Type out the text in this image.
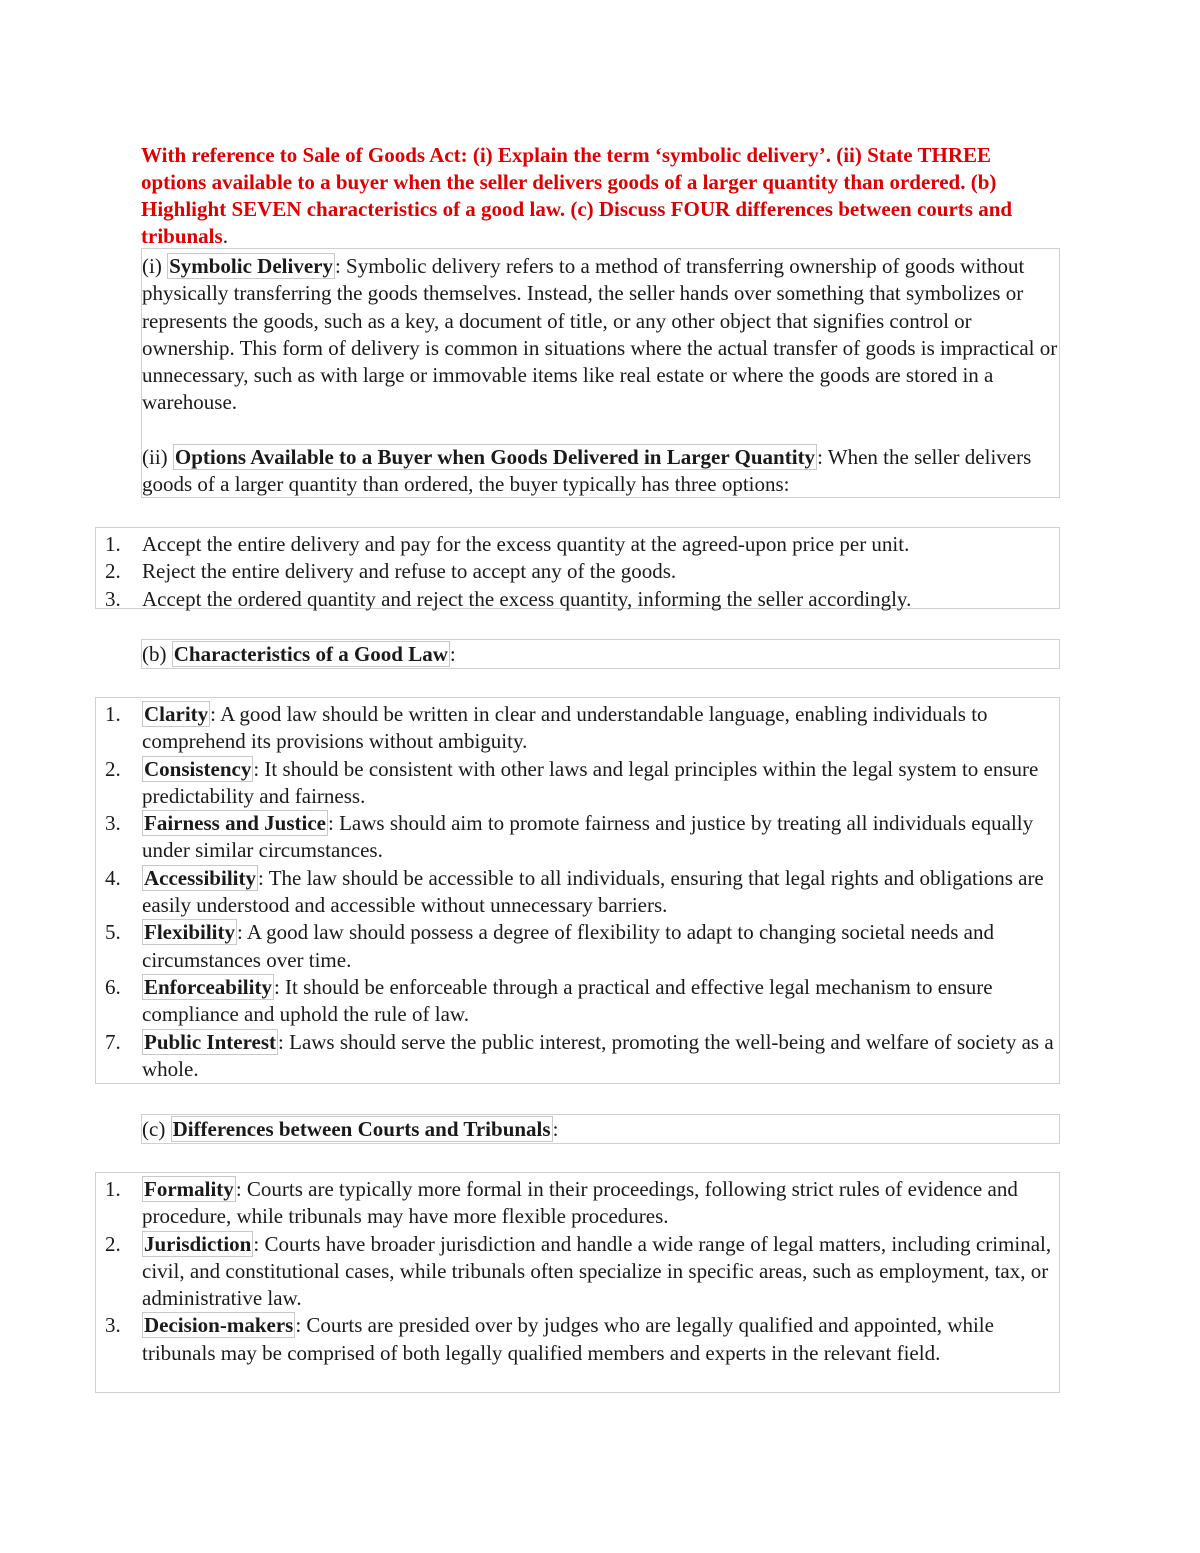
With reference to Sale of Goods Act: (i) Explain the term ‘symbolic delivery’. (ii) State THREE options available to a buyer when the seller delivers goods of a larger quantity than ordered. (b) Highlight SEVEN characteristics of a good law. (c) Discuss FOUR differences between courts and tribunals.

(i) Symbolic Delivery: Symbolic delivery refers to a method of transferring ownership of goods without physically transferring the goods themselves. Instead, the seller hands over something that symbolizes or represents the goods, such as a key, a document of title, or any other object that signifies control or ownership. This form of delivery is common in situations where the actual transfer of goods is impractical or unnecessary, such as with large or immovable items like real estate or where the goods are stored in a warehouse.

(ii) Options Available to a Buyer when Goods Delivered in Larger Quantity: When the seller delivers goods of a larger quantity than ordered, the buyer typically has three options:

1. Accept the entire delivery and pay for the excess quantity at the agreed-upon price per unit.
2. Reject the entire delivery and refuse to accept any of the goods.
3. Accept the ordered quantity and reject the excess quantity, informing the seller accordingly.

(b) Characteristics of a Good Law:

1. Clarity: A good law should be written in clear and understandable language, enabling individuals to comprehend its provisions without ambiguity.
2. Consistency: It should be consistent with other laws and legal principles within the legal system to ensure predictability and fairness.
3. Fairness and Justice: Laws should aim to promote fairness and justice by treating all individuals equally under similar circumstances.
4. Accessibility: The law should be accessible to all individuals, ensuring that legal rights and obligations are easily understood and accessible without unnecessary barriers.
5. Flexibility: A good law should possess a degree of flexibility to adapt to changing societal needs and circumstances over time.
6. Enforceability: It should be enforceable through a practical and effective legal mechanism to ensure compliance and uphold the rule of law.
7. Public Interest: Laws should serve the public interest, promoting the well-being and welfare of society as a whole.

(c) Differences between Courts and Tribunals:

1. Formality: Courts are typically more formal in their proceedings, following strict rules of evidence and procedure, while tribunals may have more flexible procedures.
2. Jurisdiction: Courts have broader jurisdiction and handle a wide range of legal matters, including criminal, civil, and constitutional cases, while tribunals often specialize in specific areas, such as employment, tax, or administrative law.
3. Decision-makers: Courts are presided over by judges who are legally qualified and appointed, while tribunals may be comprised of both legally qualified members and experts in the relevant field.
